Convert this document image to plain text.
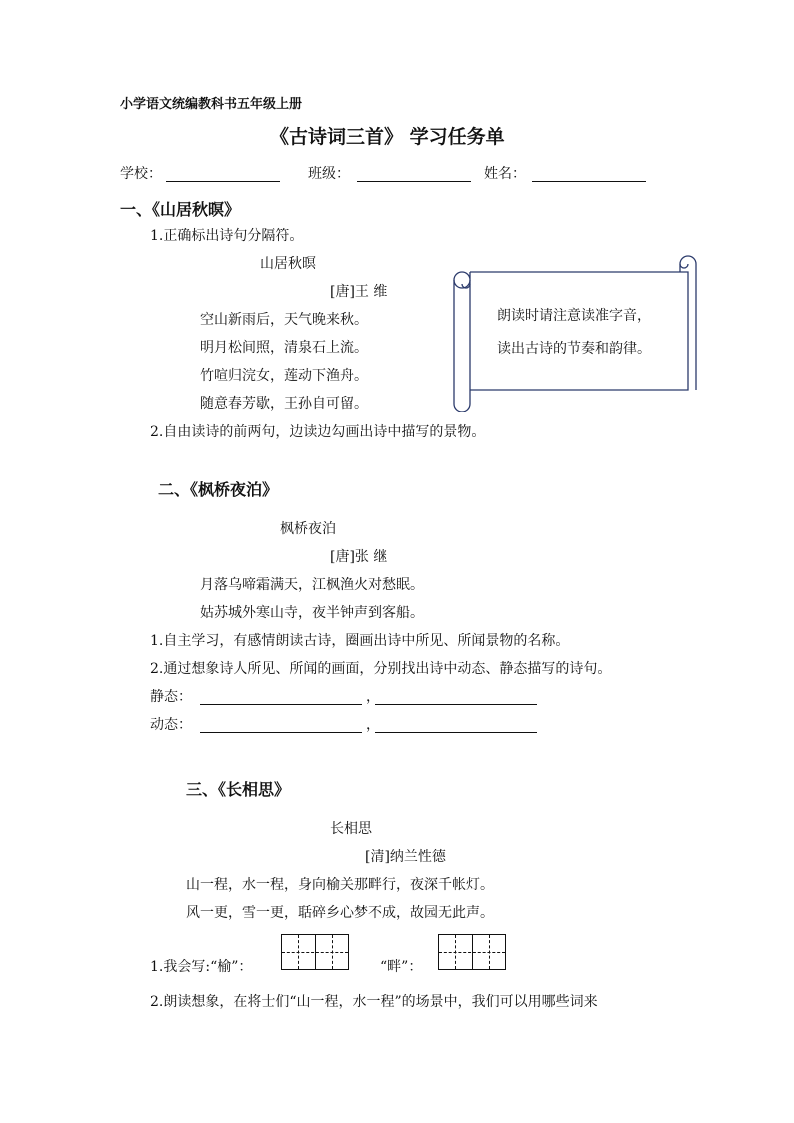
小学语文统编教科书五年级上册
《古诗词三首》 学习任务单
学校：	班级：	姓名：
一、《山居秋暝》
1.正确标出诗句分隔符。
山居秋暝
[唐]王 维
空山新雨后，天气晚来秋。
明月松间照，清泉石上流。
竹喧归浣女，莲动下渔舟。
随意春芳歇，王孙自可留。
2.自由读诗的前两句，边读边勾画出诗中描写的景物。
朗读时请注意读准字音，
读出古诗的节奏和韵律。
二、《枫桥夜泊》
枫桥夜泊
[唐]张 继
月落乌啼霜满天，江枫渔火对愁眠。
姑苏城外寒山寺，夜半钟声到客船。
1.自主学习，有感情朗读古诗，圈画出诗中所见、所闻景物的名称。
2.通过想象诗人所见、所闻的画面，分别找出诗中动态、静态描写的诗句。
静态：	，
动态：	，
三、《长相思》
长相思
[清]纳兰性德
山一程，水一程，身向榆关那畔行，夜深千帐灯。
风一更，雪一更，聒碎乡心梦不成，故园无此声。
1.我会写:“榆”：	“畔”：
2.朗读想象，在将士们“山一程，水一程”的场景中，我们可以用哪些词来
